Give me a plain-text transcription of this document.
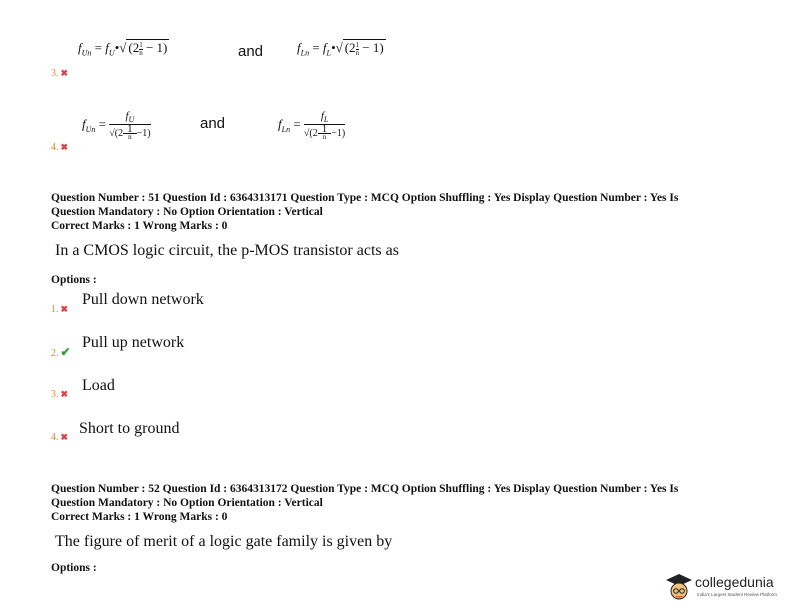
$f_{Un}$ = $f_U•√$ $(2 \frac{1}{n} - 1)$	and	$f_{Ln}$ = $f_L•√$ $(2 \frac{1}{n} - 1)$
3. ✖
$f_{Un} = f_U$
√(2 1
n −1)	and	$f_{Ln} = f_L$
√(2 1
n −1)
4. ✖
Question Number : 51 Question Id : 6364313171 Question Type : MCQ Option Shuffling : Yes Display Question Number : Yes Is
Question Mandatory : No Option Orientation : Vertical
Correct Marks : 1 Wrong Marks : 0
In a CMOS logic circuit, the p-MOS transistor acts as
Options :
1. ✖
Pull down network
2. ✔
Pull up network
3. ✖ Load
4. ✖ Short to ground
Question Number : 52 Question Id : 6364313172 Question Type : MCQ Option Shuffling : Yes Display Question Number : Yes Is
Question Mandatory : No Option Orientation : Vertical
Correct Marks : 1 Wrong Marks : 0
The figure of merit of a logic gate family is given by
Options :
collegedunia
India's Largest Student Review Platform
